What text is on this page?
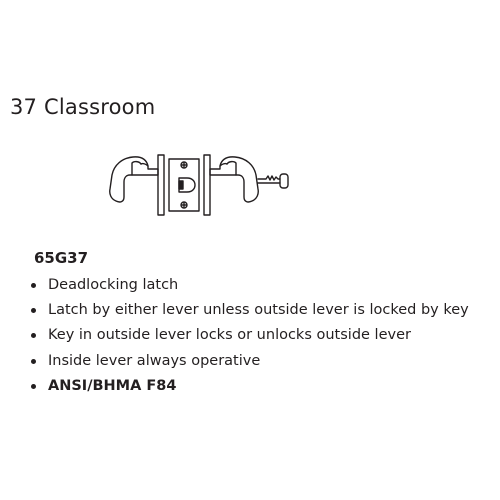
37 Classroom
65G37
Deadlocking latch
Latch by either lever unless outside lever is locked by key
Key in outside lever locks or unlocks outside lever
Inside lever always operative
ANSI/BHMA F84
